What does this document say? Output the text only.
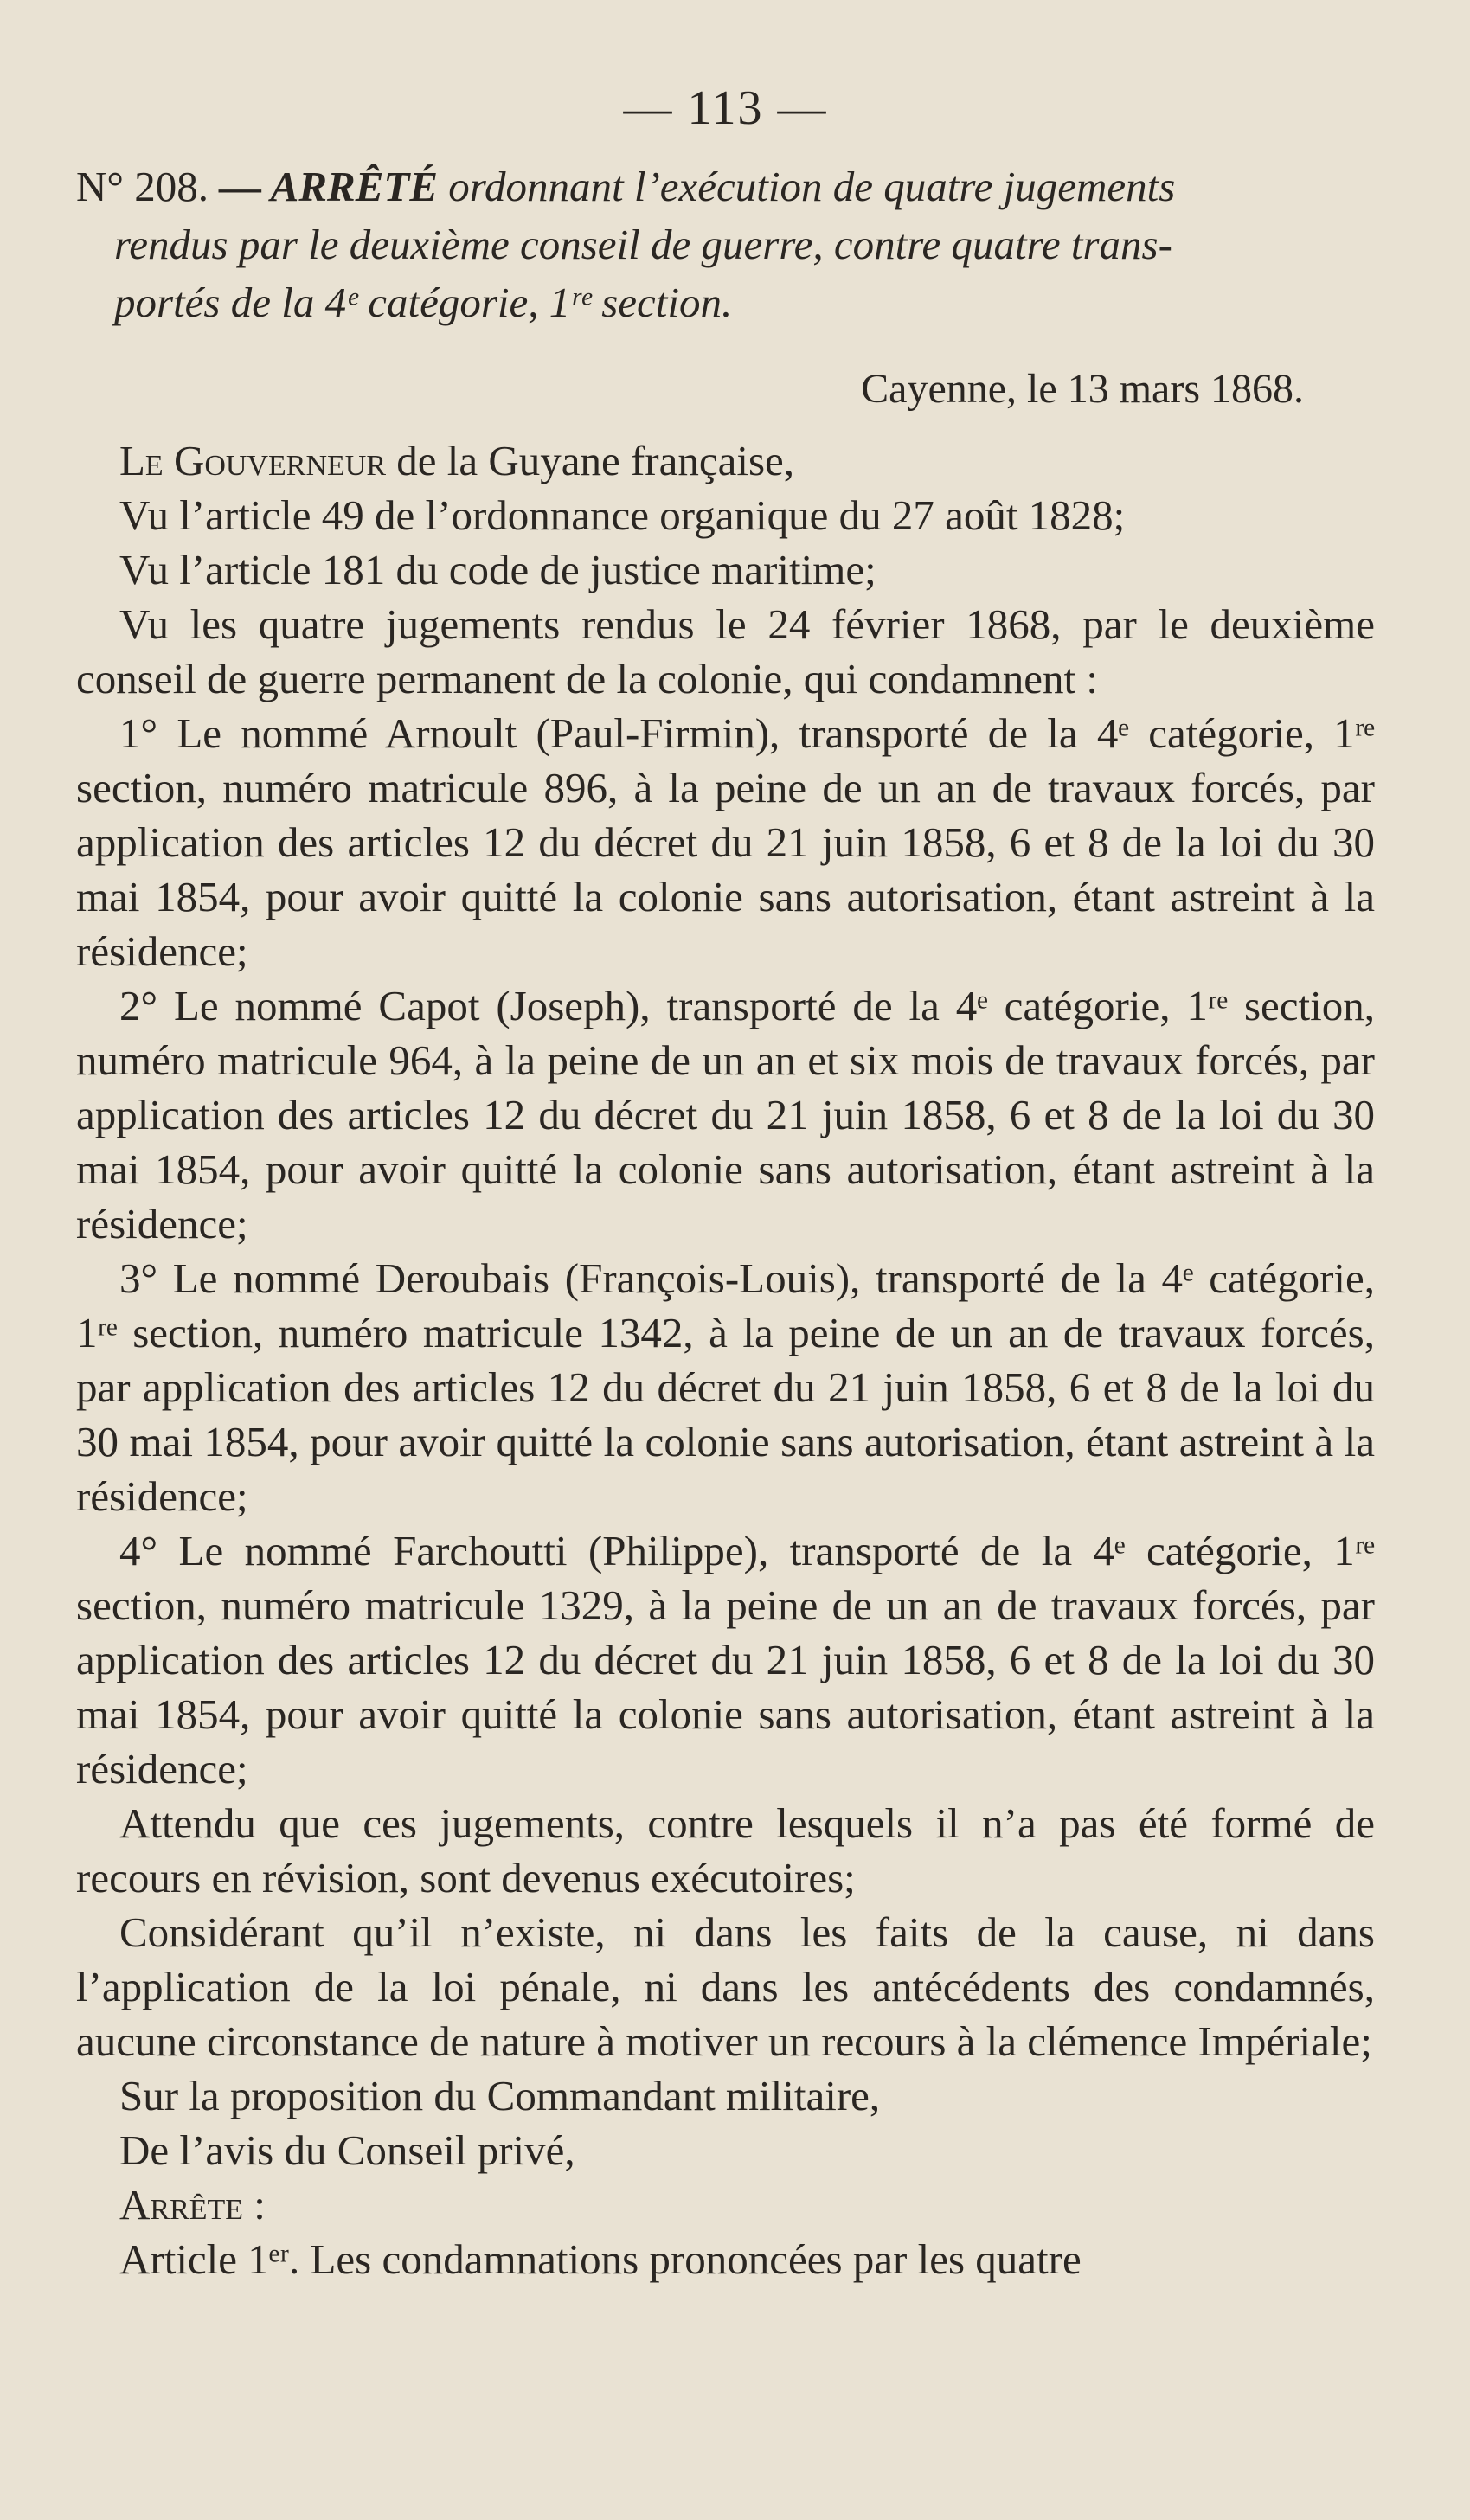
— 113 —
N° 208. — ARRÊTÉ ordonnant l’exécution de quatre jugements
rendus par le deuxième conseil de guerre, contre quatre trans-
portés de la 4ᵉ catégorie, 1ʳᵉ section.
Cayenne, le 13 mars 1868.

Le Gouverneur de la Guyane française,

Vu l’article 49 de l’ordonnance organique du 27 août 1828;

Vu l’article 181 du code de justice maritime;

Vu les quatre jugements rendus le 24 février 1868, par le deuxième conseil de guerre permanent de la colonie, qui condamnent :

1° Le nommé Arnoult (Paul-Firmin), transporté de la 4ᵉ catégorie, 1ʳᵉ section, numéro matricule 896, à la peine de un an de travaux forcés, par application des articles 12 du décret du 21 juin 1858, 6 et 8 de la loi du 30 mai 1854, pour avoir quitté la colonie sans autorisation, étant astreint à la résidence;

2° Le nommé Capot (Joseph), transporté de la 4ᵉ catégorie, 1ʳᵉ section, numéro matricule 964, à la peine de un an et six mois de travaux forcés, par application des articles 12 du décret du 21 juin 1858, 6 et 8 de la loi du 30 mai 1854, pour avoir quitté la colonie sans autorisation, étant astreint à la résidence;

3° Le nommé Deroubais (François-Louis), transporté de la 4ᵉ catégorie, 1ʳᵉ section, numéro matricule 1342, à la peine de un an de travaux forcés, par application des articles 12 du décret du 21 juin 1858, 6 et 8 de la loi du 30 mai 1854, pour avoir quitté la colonie sans autorisation, étant astreint à la résidence;

4° Le nommé Farchoutti (Philippe), transporté de la 4ᵉ catégorie, 1ʳᵉ section, numéro matricule 1329, à la peine de un an de travaux forcés, par application des articles 12 du décret du 21 juin 1858, 6 et 8 de la loi du 30 mai 1854, pour avoir quitté la colonie sans autorisation, étant astreint à la résidence;

Attendu que ces jugements, contre lesquels il n’a pas été formé de recours en révision, sont devenus exécutoires;

Considérant qu’il n’existe, ni dans les faits de la cause, ni dans l’application de la loi pénale, ni dans les antécédents des condamnés, aucune circonstance de nature à motiver un recours à la clémence Impériale;

Sur la proposition du Commandant militaire,

De l’avis du Conseil privé,

Arrête :

Article 1ᵉʳ. Les condamnations prononcées par les quatre
